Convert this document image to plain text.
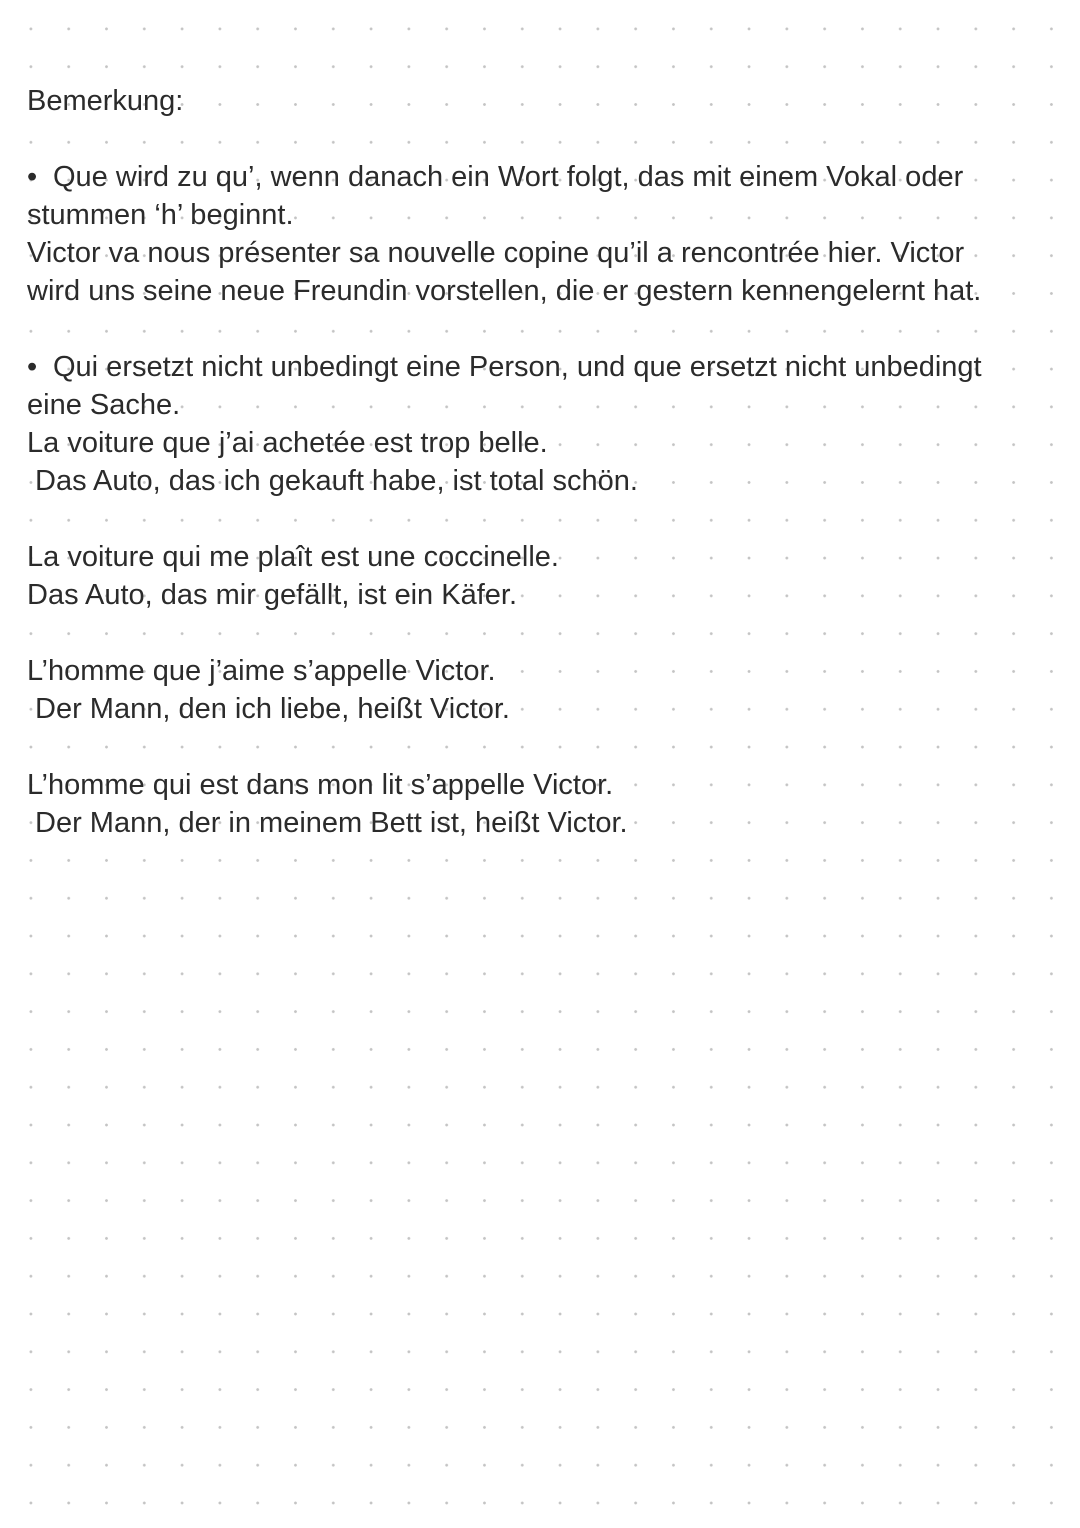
Bemerkung:
• Que wird zu qu’, wenn danach ein Wort folgt, das mit einem Vokal oder
stummen ‘h’ beginnt.
Victor va nous présenter sa nouvelle copine qu’il a rencontrée hier. Victor
wird uns seine neue Freundin vorstellen, die er gestern kennengelernt hat.
• Qui ersetzt nicht unbedingt eine Person, und que ersetzt nicht unbedingt
eine Sache.
La voiture que j’ai achetée est trop belle.
Das Auto, das ich gekauft habe, ist total schön.
La voiture qui me plaît est une coccinelle.
Das Auto, das mir gefällt, ist ein Käfer.
L’homme que j’aime s’appelle Victor.
Der Mann, den ich liebe, heißt Victor.
L’homme qui est dans mon lit s’appelle Victor.
Der Mann, der in meinem Bett ist, heißt Victor.
